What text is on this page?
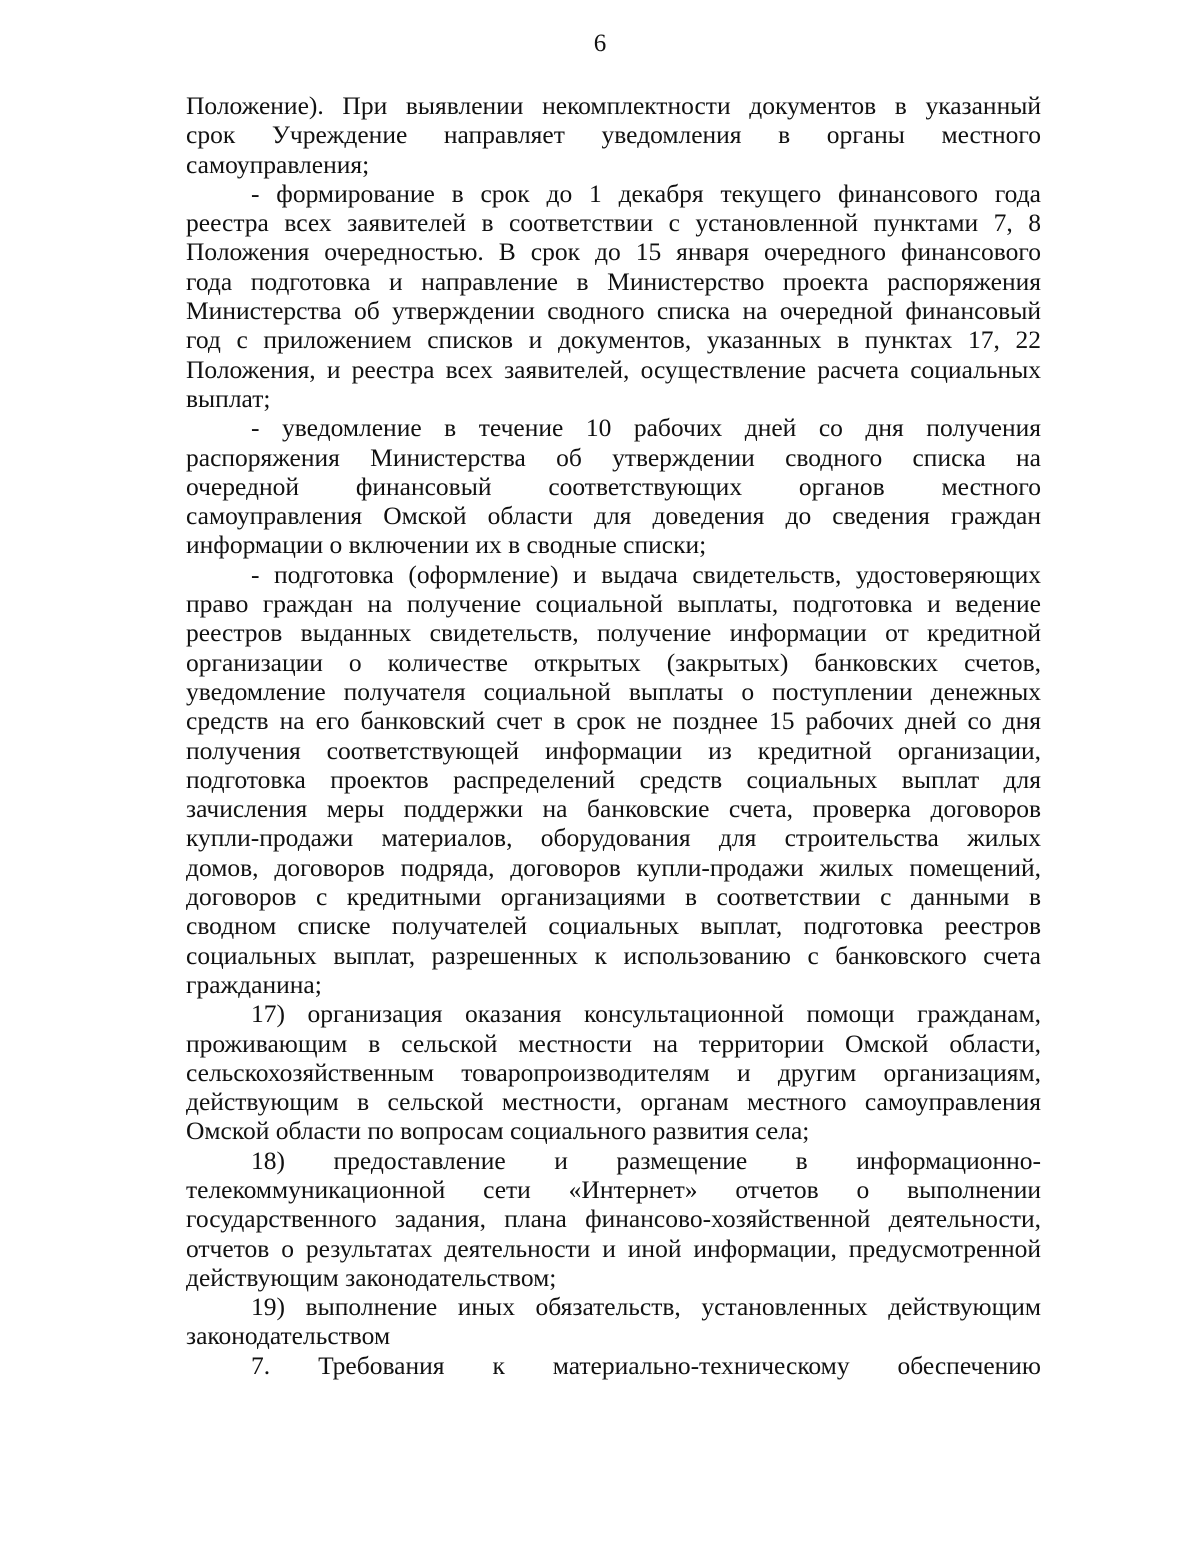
6
Положение). При выявлении некомплектности документов в указанный
срок Учреждение направляет уведомления в органы местного
самоуправления;
- формирование в срок до 1 декабря текущего финансового года
реестра всех заявителей в соответствии с установленной пунктами 7, 8
Положения очередностью. В срок до 15 января очередного финансового
года подготовка и направление в Министерство проекта распоряжения
Министерства об утверждении сводного списка на очередной финансовый
год с приложением списков и документов, указанных в пунктах 17, 22
Положения, и реестра всех заявителей, осуществление расчета социальных
выплат;
- уведомление в течение 10 рабочих дней со дня получения
распоряжения Министерства об утверждении сводного списка на
очередной финансовый соответствующих органов местного
самоуправления Омской области для доведения до сведения граждан
информации о включении их в сводные списки;
- подготовка (оформление) и выдача свидетельств, удостоверяющих
право граждан на получение социальной выплаты, подготовка и ведение
реестров выданных свидетельств, получение информации от кредитной
организации о количестве открытых (закрытых) банковских счетов,
уведомление получателя социальной выплаты о поступлении денежных
средств на его банковский счет в срок не позднее 15 рабочих дней со дня
получения соответствующей информации из кредитной организации,
подготовка проектов распределений средств социальных выплат для
зачисления меры поддержки на банковские счета, проверка договоров
купли-продажи материалов, оборудования для строительства жилых
домов, договоров подряда, договоров купли-продажи жилых помещений,
договоров с кредитными организациями в соответствии с данными в
сводном списке получателей социальных выплат, подготовка реестров
социальных выплат, разрешенных к использованию с банковского счета
гражданина;
17) организация оказания консультационной помощи гражданам,
проживающим в сельской местности на территории Омской области,
сельскохозяйственным товаропроизводителям и другим организациям,
действующим в сельской местности, органам местного самоуправления
Омской области по вопросам социального развития села;
18) предоставление и размещение в информационно-
телекоммуникационной сети «Интернет» отчетов о выполнении
государственного задания, плана финансово-хозяйственной деятельности,
отчетов о результатах деятельности и иной информации, предусмотренной
действующим законодательством;
19) выполнение иных обязательств, установленных действующим
законодательством
7. Требования к материально-техническому обеспечению
